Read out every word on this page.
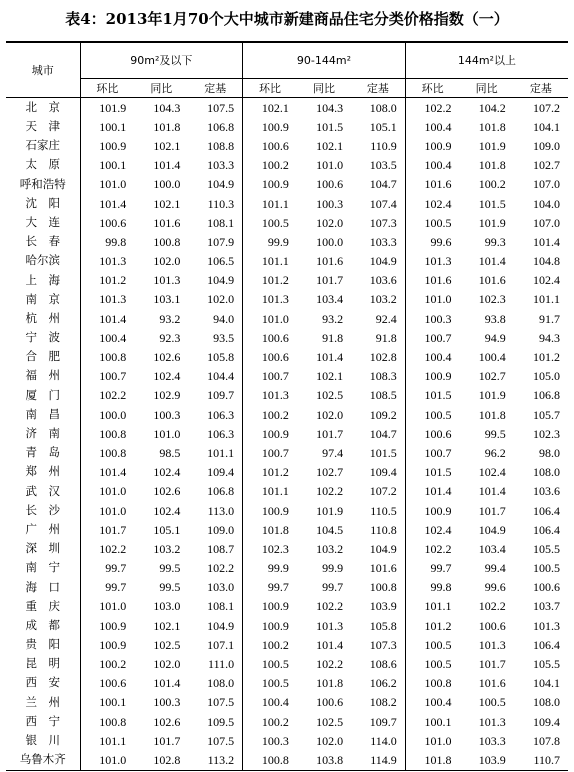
表4：2013年1月70个大中城市新建商品住宅分类价格指数（一）
城市	90m²及以下			90-144m²			144m²以上		
	环比	同比	定基	环比	同比	定基	环比	同比	定基
北　京	101.9	104.3	107.5	102.1	104.3	108.0	102.2	104.2	107.2
天　津	100.1	101.8	106.8	100.9	101.5	105.1	100.4	101.8	104.1
石家庄	100.9	102.1	108.8	100.6	102.1	110.9	100.9	101.9	109.0
太　原	100.1	101.4	103.3	100.2	101.0	103.5	100.4	101.8	102.7
呼和浩特	101.0	100.0	104.9	100.9	100.6	104.7	101.6	100.2	107.0
沈　阳	101.4	102.1	110.3	101.1	100.3	107.4	102.4	101.5	104.0
大　连	100.6	101.6	108.1	100.5	102.0	107.3	100.5	101.9	107.0
长　春	99.8	100.8	107.9	99.9	100.0	103.3	99.6	99.3	101.4
哈尔滨	101.3	102.0	106.5	101.1	101.6	104.9	101.3	101.4	104.8
上　海	101.2	101.3	104.9	101.2	101.7	103.6	101.6	101.6	102.4
南　京	101.3	103.1	102.0	101.3	103.4	103.2	101.0	102.3	101.1
杭　州	101.4	93.2	94.0	101.0	93.2	92.4	100.3	93.8	91.7
宁　波	100.4	92.3	93.5	100.6	91.8	91.8	100.7	94.9	94.3
合　肥	100.8	102.6	105.8	100.6	101.4	102.8	100.4	100.4	101.2
福　州	100.7	102.4	104.4	100.7	102.1	108.3	100.9	102.7	105.0
厦　门	102.2	102.9	109.7	101.3	102.5	108.5	101.5	101.9	106.8
南　昌	100.0	100.3	106.3	100.2	102.0	109.2	100.5	101.8	105.7
济　南	100.8	101.0	106.3	100.9	101.7	104.7	100.6	99.5	102.3
青　岛	100.8	98.5	101.1	100.7	97.4	101.5	100.7	96.2	98.0
郑　州	101.4	102.4	109.4	101.2	102.7	109.4	101.5	102.4	108.0
武　汉	101.0	102.6	106.8	101.1	102.2	107.2	101.4	101.4	103.6
长　沙	101.0	102.4	113.0	100.9	101.9	110.5	100.9	101.7	106.4
广　州	101.7	105.1	109.0	101.8	104.5	110.8	102.4	104.9	106.4
深　圳	102.2	103.2	108.7	102.3	103.2	104.9	102.2	103.4	105.5
南　宁	99.7	99.5	102.2	99.9	99.9	101.6	99.7	99.4	100.5
海　口	99.7	99.5	103.0	99.7	99.7	100.8	99.8	99.6	100.6
重　庆	101.0	103.0	108.1	100.9	102.2	103.9	101.1	102.2	103.7
成　都	100.9	102.1	104.9	100.9	101.3	105.8	101.2	100.6	101.3
贵　阳	100.9	102.5	107.1	100.2	101.4	107.3	100.5	101.3	106.4
昆　明	100.2	102.0	111.0	100.5	102.2	108.6	100.5	101.7	105.5
西　安	100.6	101.4	108.0	100.5	101.8	106.2	100.8	101.6	104.1
兰　州	100.1	100.3	107.5	100.4	100.6	108.2	100.4	100.5	108.0
西　宁	100.8	102.6	109.5	100.2	102.5	109.7	100.1	101.3	109.4
银　川	101.1	101.7	107.5	100.3	102.0	114.0	101.0	103.3	107.8
乌鲁木齐	101.0	102.8	113.2	100.8	103.8	114.9	101.8	103.9	110.7
